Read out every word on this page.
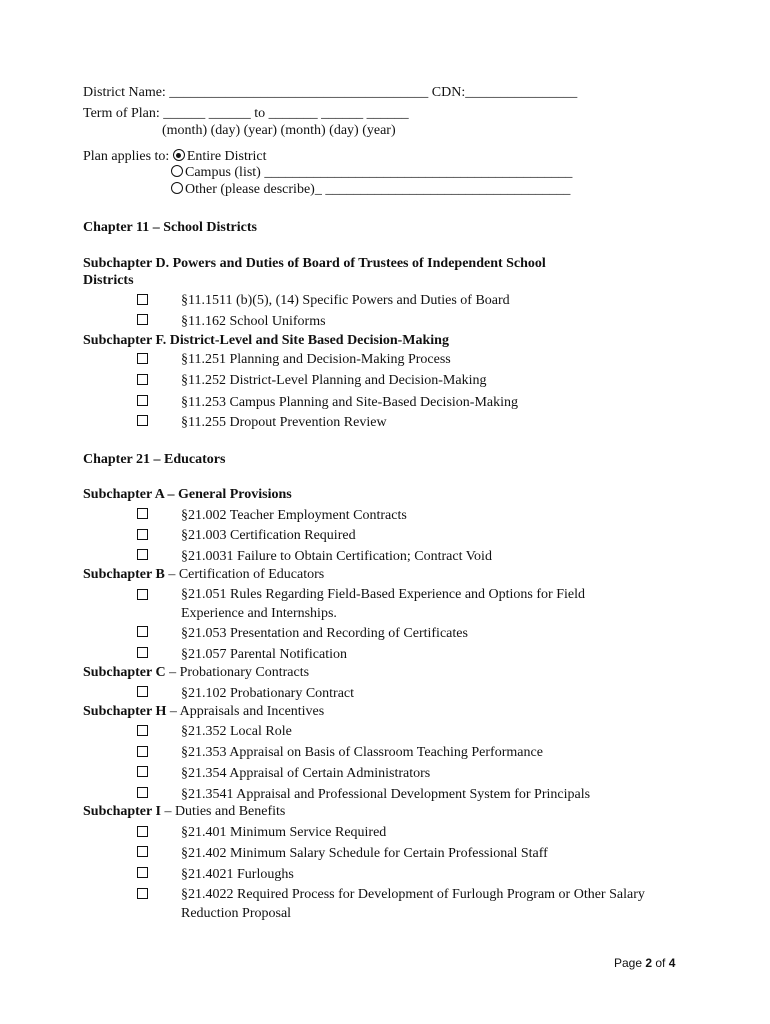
District Name: _____________________________________ CDN:________________
Term of Plan: ______ ______ to _______ ______ ______
(month) (day) (year) (month) (day) (year)
Plan applies to: Entire District
Campus (list) ____________________________________________
Other (please describe)_ ___________________________________
Chapter 11 – School Districts
Subchapter D. Powers and Duties of Board of Trustees of Independent School
Districts
§11.1511 (b)(5), (14) Specific Powers and Duties of Board
§11.162 School Uniforms
Subchapter F. District-Level and Site Based Decision-Making
§11.251 Planning and Decision-Making Process
§11.252 District-Level Planning and Decision-Making
§11.253 Campus Planning and Site-Based Decision-Making
§11.255 Dropout Prevention Review
Chapter 21 – Educators
Subchapter A – General Provisions
§21.002 Teacher Employment Contracts
§21.003 Certification Required
§21.0031 Failure to Obtain Certification; Contract Void
Subchapter B – Certification of Educators
§21.051 Rules Regarding Field-Based Experience and Options for Field
Experience and Internships.
§21.053 Presentation and Recording of Certificates
§21.057 Parental Notification
Subchapter C – Probationary Contracts
§21.102 Probationary Contract
Subchapter H – Appraisals and Incentives
§21.352 Local Role
§21.353 Appraisal on Basis of Classroom Teaching Performance
§21.354 Appraisal of Certain Administrators
§21.3541 Appraisal and Professional Development System for Principals
Subchapter I – Duties and Benefits
§21.401 Minimum Service Required
§21.402 Minimum Salary Schedule for Certain Professional Staff
§21.4021 Furloughs
§21.4022 Required Process for Development of Furlough Program or Other Salary
Reduction Proposal
Page 2 of 4
